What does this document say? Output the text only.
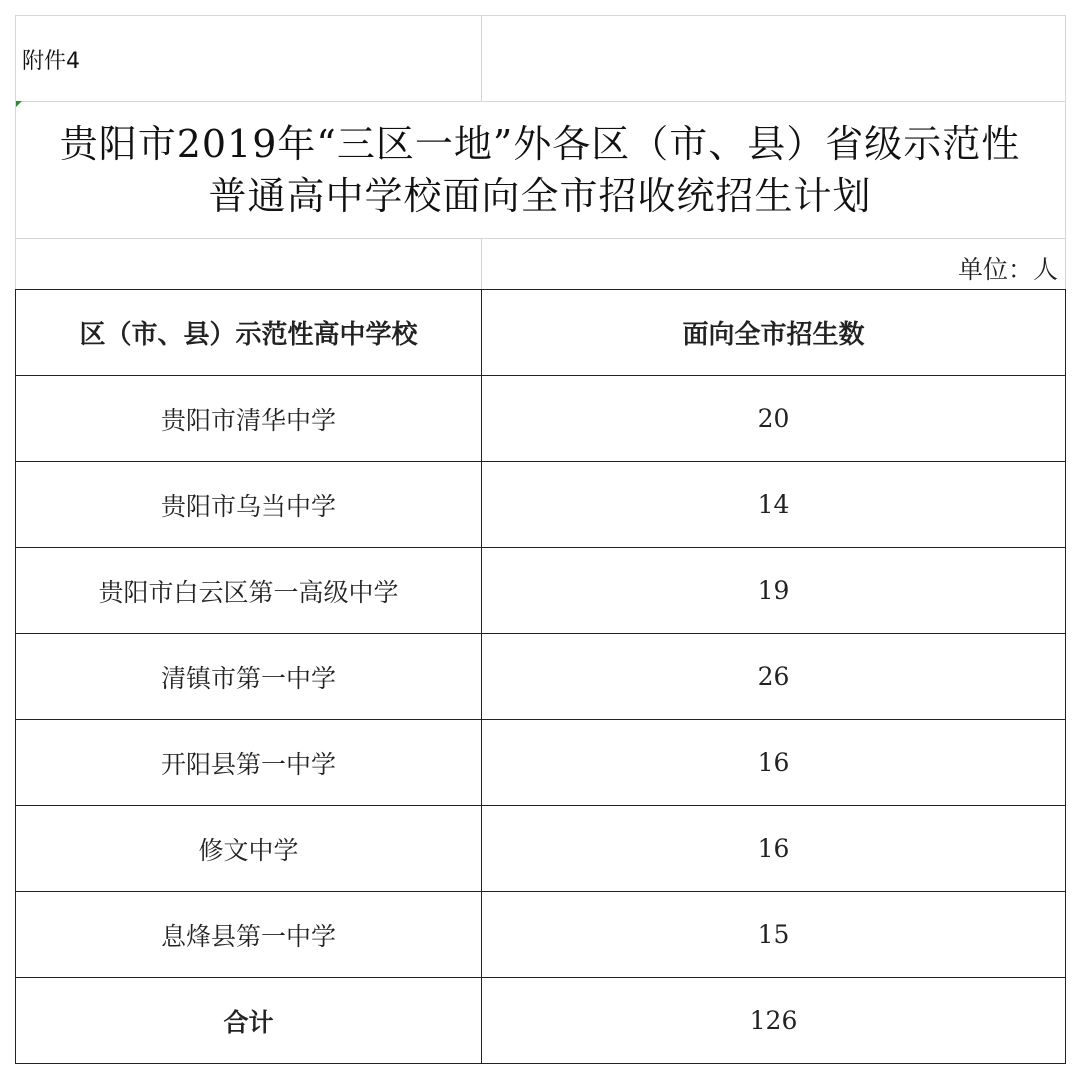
附件4
贵阳市2019年“三区一地”外各区（市、县）省级示范性
普通高中学校面向全市招收统招生计划
单位：人
区（市、县）示范性高中学校	面向全市招生数
贵阳市清华中学	20
贵阳市乌当中学	14
贵阳市白云区第一高级中学	19
清镇市第一中学	26
开阳县第一中学	16
修文中学	16
息烽县第一中学	15
合计	126
